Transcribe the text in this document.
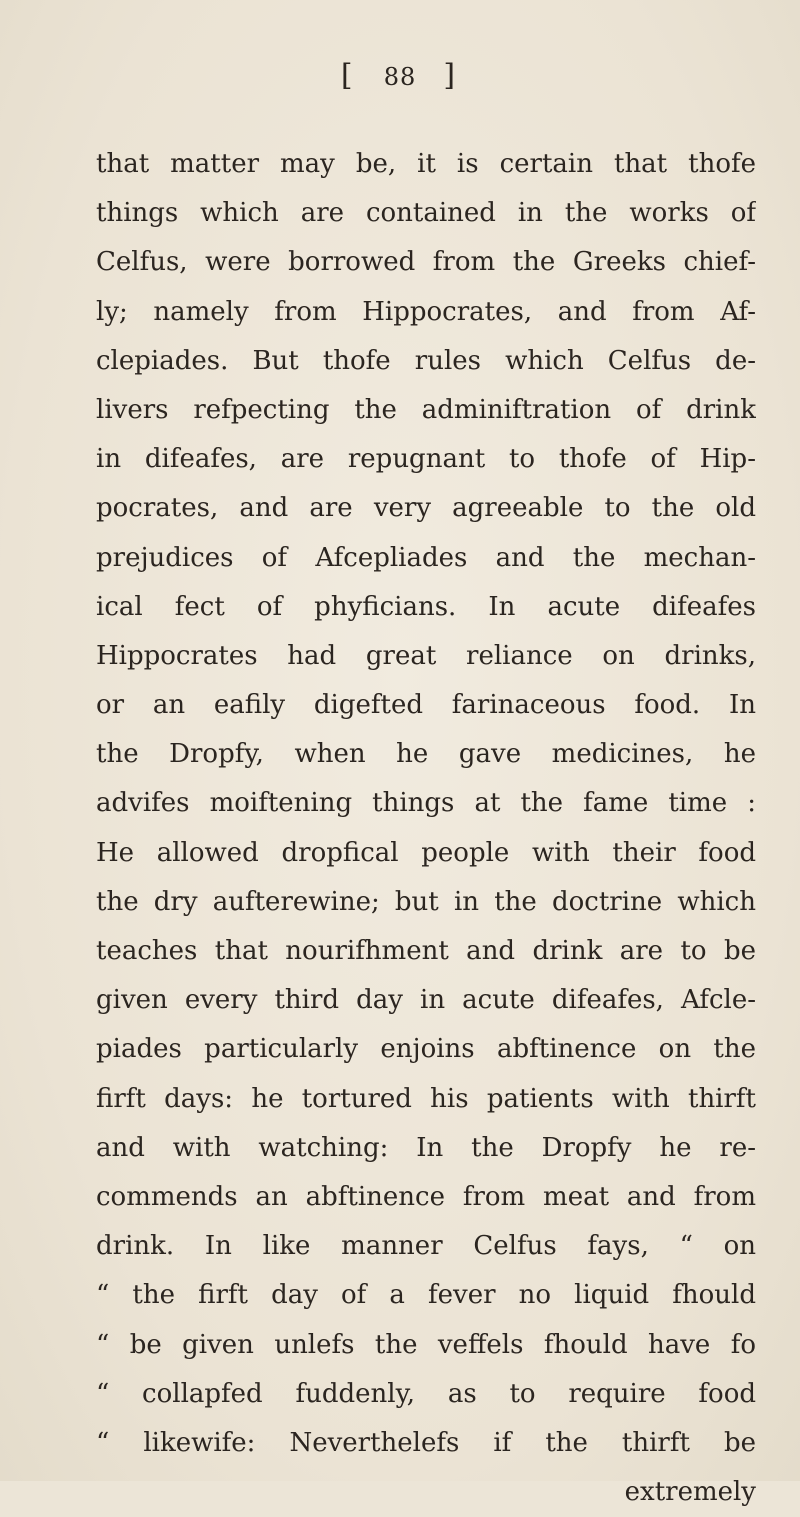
[ 88 ]
that matter may be, it is certain that thofe
things which are contained in the works of
Celfus, were borrowed from the Greeks chief-
ly; namely from Hippocrates, and from Af-
clepiades. But thofe rules which Celfus de-
livers refpecting the adminiftration of drink
in difeafes, are repugnant to thofe of Hip-
pocrates, and are very agreeable to the old
prejudices of Afcepliades and the mechan-
ical fect of phyficians. In acute difeafes
Hippocrates had great reliance on drinks,
or an eafily digefted farinaceous food. In
the Dropfy, when he gave medicines, he
advifes moiftening things at the fame time :
He allowed dropfical people with their food
the dry aufterewine; but in the doctrine which
teaches that nourifhment and drink are to be
given every third day in acute difeafes, Afcle-
piades particularly enjoins abftinence on the
firft days: he tortured his patients with thirft
and with watching: In the Dropfy he re-
commends an abftinence from meat and from
drink. In like manner Celfus fays, “ on
“ the firft day of a fever no liquid fhould
“ be given unlefs the veffels fhould have fo
“ collapfed fuddenly, as to require food
“ likewife: Neverthelefs if the thirft be
extremely
